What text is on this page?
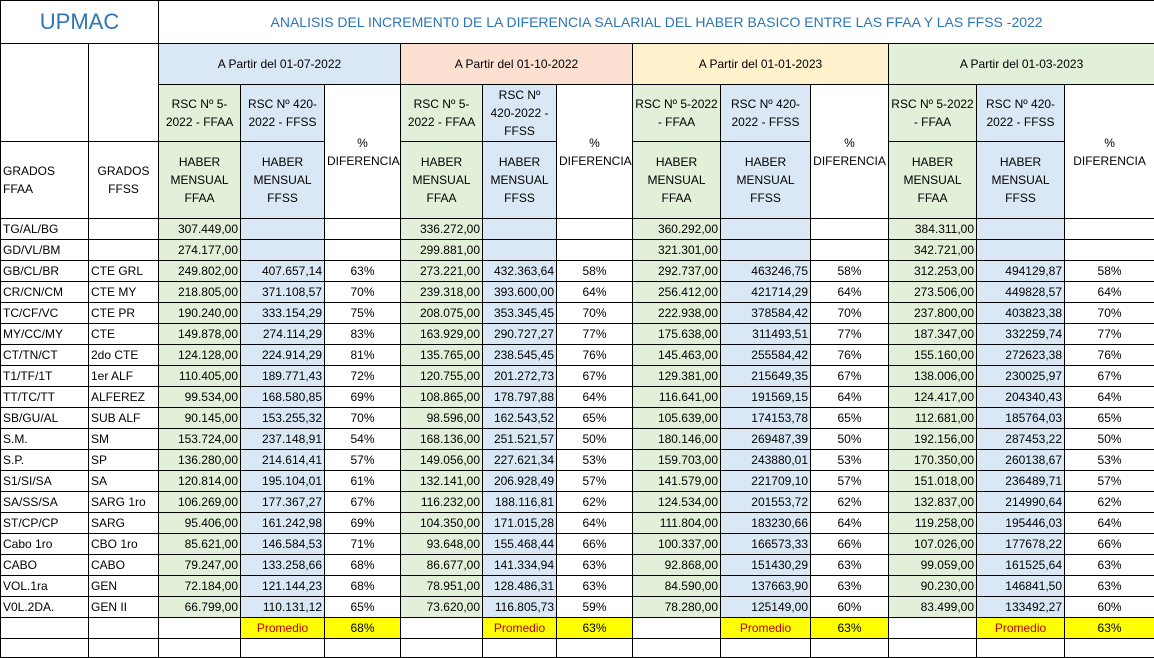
UPMAC		ANALISIS DEL INCREMENT0 DE LA DIFERENCIA SALARIAL DEL HABER BASICO ENTRE LAS FFAA Y LAS FFSS -2022											
		A Partir del 01-07-2022			A Partir del 01-10-2022			A Partir del 01-01-2023			A Partir del 01-03-2023		
		RSC Nº 5-2022 - FFAA	RSC Nº 420-2022 - FFSS	% DIFERENCIA	RSC Nº 5-2022 - FFAA	RSC Nº 420-2022 - FFSS	% DIFERENCIA	RSC Nº 5-2022 - FFAA	RSC Nº 420-2022 - FFSS	% DIFERENCIA	RSC Nº 5-2022 - FFAA	RSC Nº 420-2022 - FFSS	% DIFERENCIA
GRADOS FFAA	GRADOS FFSS	HABER MENSUAL FFAA	HABER MENSUAL FFSS		HABER MENSUAL FFAA	HABER MENSUAL FFSS		HABER MENSUAL FFAA	HABER MENSUAL FFSS		HABER MENSUAL FFAA	HABER MENSUAL FFSS	
TG/AL/BG		307.449,00			336.272,00			360.292,00			384.311,00		
GD/VL/BM		274.177,00			299.881,00			321.301,00			342.721,00		
GB/CL/BR	CTE GRL	249.802,00	407.657,14	63%	273.221,00	432.363,64	58%	292.737,00	463246,75	58%	312.253,00	494129,87	58%
CR/CN/CM	CTE MY	218.805,00	371.108,57	70%	239.318,00	393.600,00	64%	256.412,00	421714,29	64%	273.506,00	449828,57	64%
TC/CF/VC	CTE PR	190.240,00	333.154,29	75%	208.075,00	353.345,45	70%	222.938,00	378584,42	70%	237.800,00	403823,38	70%
MY/CC/MY	CTE	149.878,00	274.114,29	83%	163.929,00	290.727,27	77%	175.638,00	311493,51	77%	187.347,00	332259,74	77%
CT/TN/CT	2do CTE	124.128,00	224.914,29	81%	135.765,00	238.545,45	76%	145.463,00	255584,42	76%	155.160,00	272623,38	76%
T1/TF/1T	1er ALF	110.405,00	189.771,43	72%	120.755,00	201.272,73	67%	129.381,00	215649,35	67%	138.006,00	230025,97	67%
TT/TC/TT	ALFEREZ	99.534,00	168.580,85	69%	108.865,00	178.797,88	64%	116.641,00	191569,15	64%	124.417,00	204340,43	64%
SB/GU/AL	SUB ALF	90.145,00	153.255,32	70%	98.596,00	162.543,52	65%	105.639,00	174153,78	65%	112.681,00	185764,03	65%
S.M.	SM	153.724,00	237.148,91	54%	168.136,00	251.521,57	50%	180.146,00	269487,39	50%	192.156,00	287453,22	50%
S.P.	SP	136.280,00	214.614,41	57%	149.056,00	227.621,34	53%	159.703,00	243880,01	53%	170.350,00	260138,67	53%
S1/SI/SA	SA	120.814,00	195.104,01	61%	132.141,00	206.928,49	57%	141.579,00	221709,10	57%	151.018,00	236489,71	57%
SA/SS/SA	SARG 1ro	106.269,00	177.367,27	67%	116.232,00	188.116,81	62%	124.534,00	201553,72	62%	132.837,00	214990,64	62%
ST/CP/CP	SARG	95.406,00	161.242,98	69%	104.350,00	171.015,28	64%	111.804,00	183230,66	64%	119.258,00	195446,03	64%
Cabo 1ro	CBO 1ro	85.621,00	146.584,53	71%	93.648,00	155.468,44	66%	100.337,00	166573,33	66%	107.026,00	177678,22	66%
CABO	CABO	79.247,00	133.258,66	68%	86.677,00	141.334,94	63%	92.868,00	151430,29	63%	99.059,00	161525,64	63%
VOL.1ra	GEN	72.184,00	121.144,23	68%	78.951,00	128.486,31	63%	84.590,00	137663,90	63%	90.230,00	146841,50	63%
V0L.2DA.	GEN II	66.799,00	110.131,12	65%	73.620,00	116.805,73	59%	78.280,00	125149,00	60%	83.499,00	133492,27	60%
			Promedio	68%		Promedio	63%		Promedio	63%		Promedio	63%
